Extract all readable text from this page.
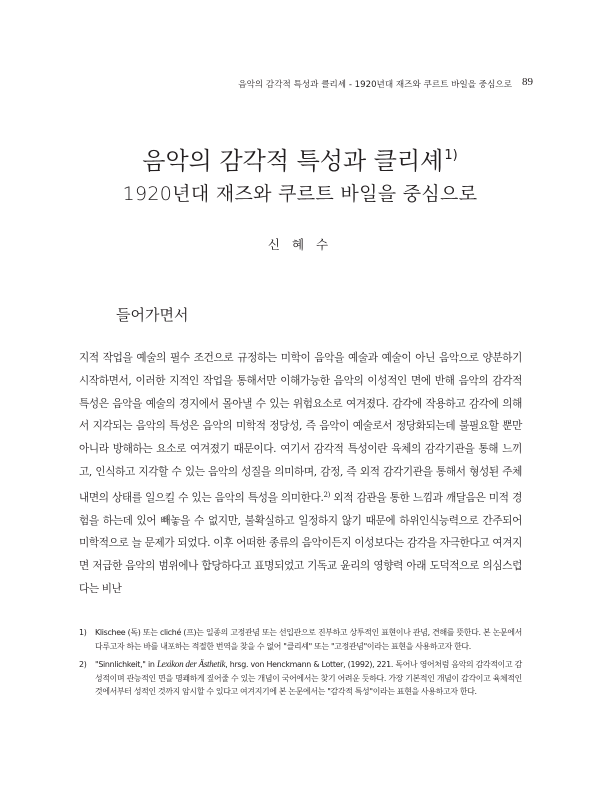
음악의 감각적 특성과 클리셰 - 1920년대 재즈와 쿠르트 바일을 중심으로 89
음악의 감각적 특성과 클리셰$^{1)}$
1920년대 재즈와 쿠르트 바일을 중심으로
신 혜 수
들어가면서

지적 작업을 예술의 필수 조건으로 규정하는 미학이 음악을 예술과 예술이 아닌 음악으로 양분하기 시작하면서, 이러한 지적인 작업을 통해서만 이해가능한 음악의 이성적인 면에 반해 음악의 감각적 특성은 음악을 예술의 경지에서 몰아낼 수 있는 위험요소로 여겨졌다. 감각에 작용하고 감각에 의해서 지각되는 음악의 특성은 음악의 미학적 정당성, 즉 음악이 예술로서 정당화되는데 불필요할 뿐만 아니라 방해하는 요소로 여겨졌기 때문이다. 여기서 감각적 특성이란 육체의 감각기관을 통해 느끼고, 인식하고 지각할 수 있는 음악의 성질을 의미하며, 감정, 즉 외적 감각기관을 통해서 형성된 주체 내면의 상태를 일으킬 수 있는 음악의 특성을 의미한다.$^{2)}$ 외적 감관을 통한 느낌과 깨달음은 미적 경험을 하는데 있어 빼놓을 수 없지만, 불확실하고 일정하지 않기 때문에 하위인식능력으로 간주되어 미학적으로 늘 문제가 되었다. 이후 어떠한 종류의 음악이든지 이성보다는 감각을 자극한다고 여겨지면 저급한 음악의 범위에나 합당하다고 표명되었고 기독교 윤리의 영향력 아래 도덕적으로 의심스럽다는 비난

1)	Klischee (독) 또는 cliché (프)는 일종의 고정관념 또는 선입관으로 진부하고 상투적인 표현이나 관념, 견해를 뜻한다. 본 논문에서 다루고자 하는 바를 내포하는 적절한 번역을 찾을 수 없어 "클리셰" 또는 "고정관념"이라는 표현을 사용하고자 한다.
2)	"Sinnlichkeit," in Lexikon der Ästhetik, hrsg. von Henckmann & Lotter, (1992), 221. 독어나 영어처럼 음악의 감각적이고 감성적이며 관능적인 면을 명쾌하게 짚어줄 수 있는 개념이 국어에서는 찾기 어려운 듯하다. 가장 기본적인 개념이 감각이고 육체적인 것에서부터 성적인 것까지 암시할 수 있다고 여겨지기에 본 논문에서는 "감각적 특성"이라는 표현을 사용하고자 한다.
